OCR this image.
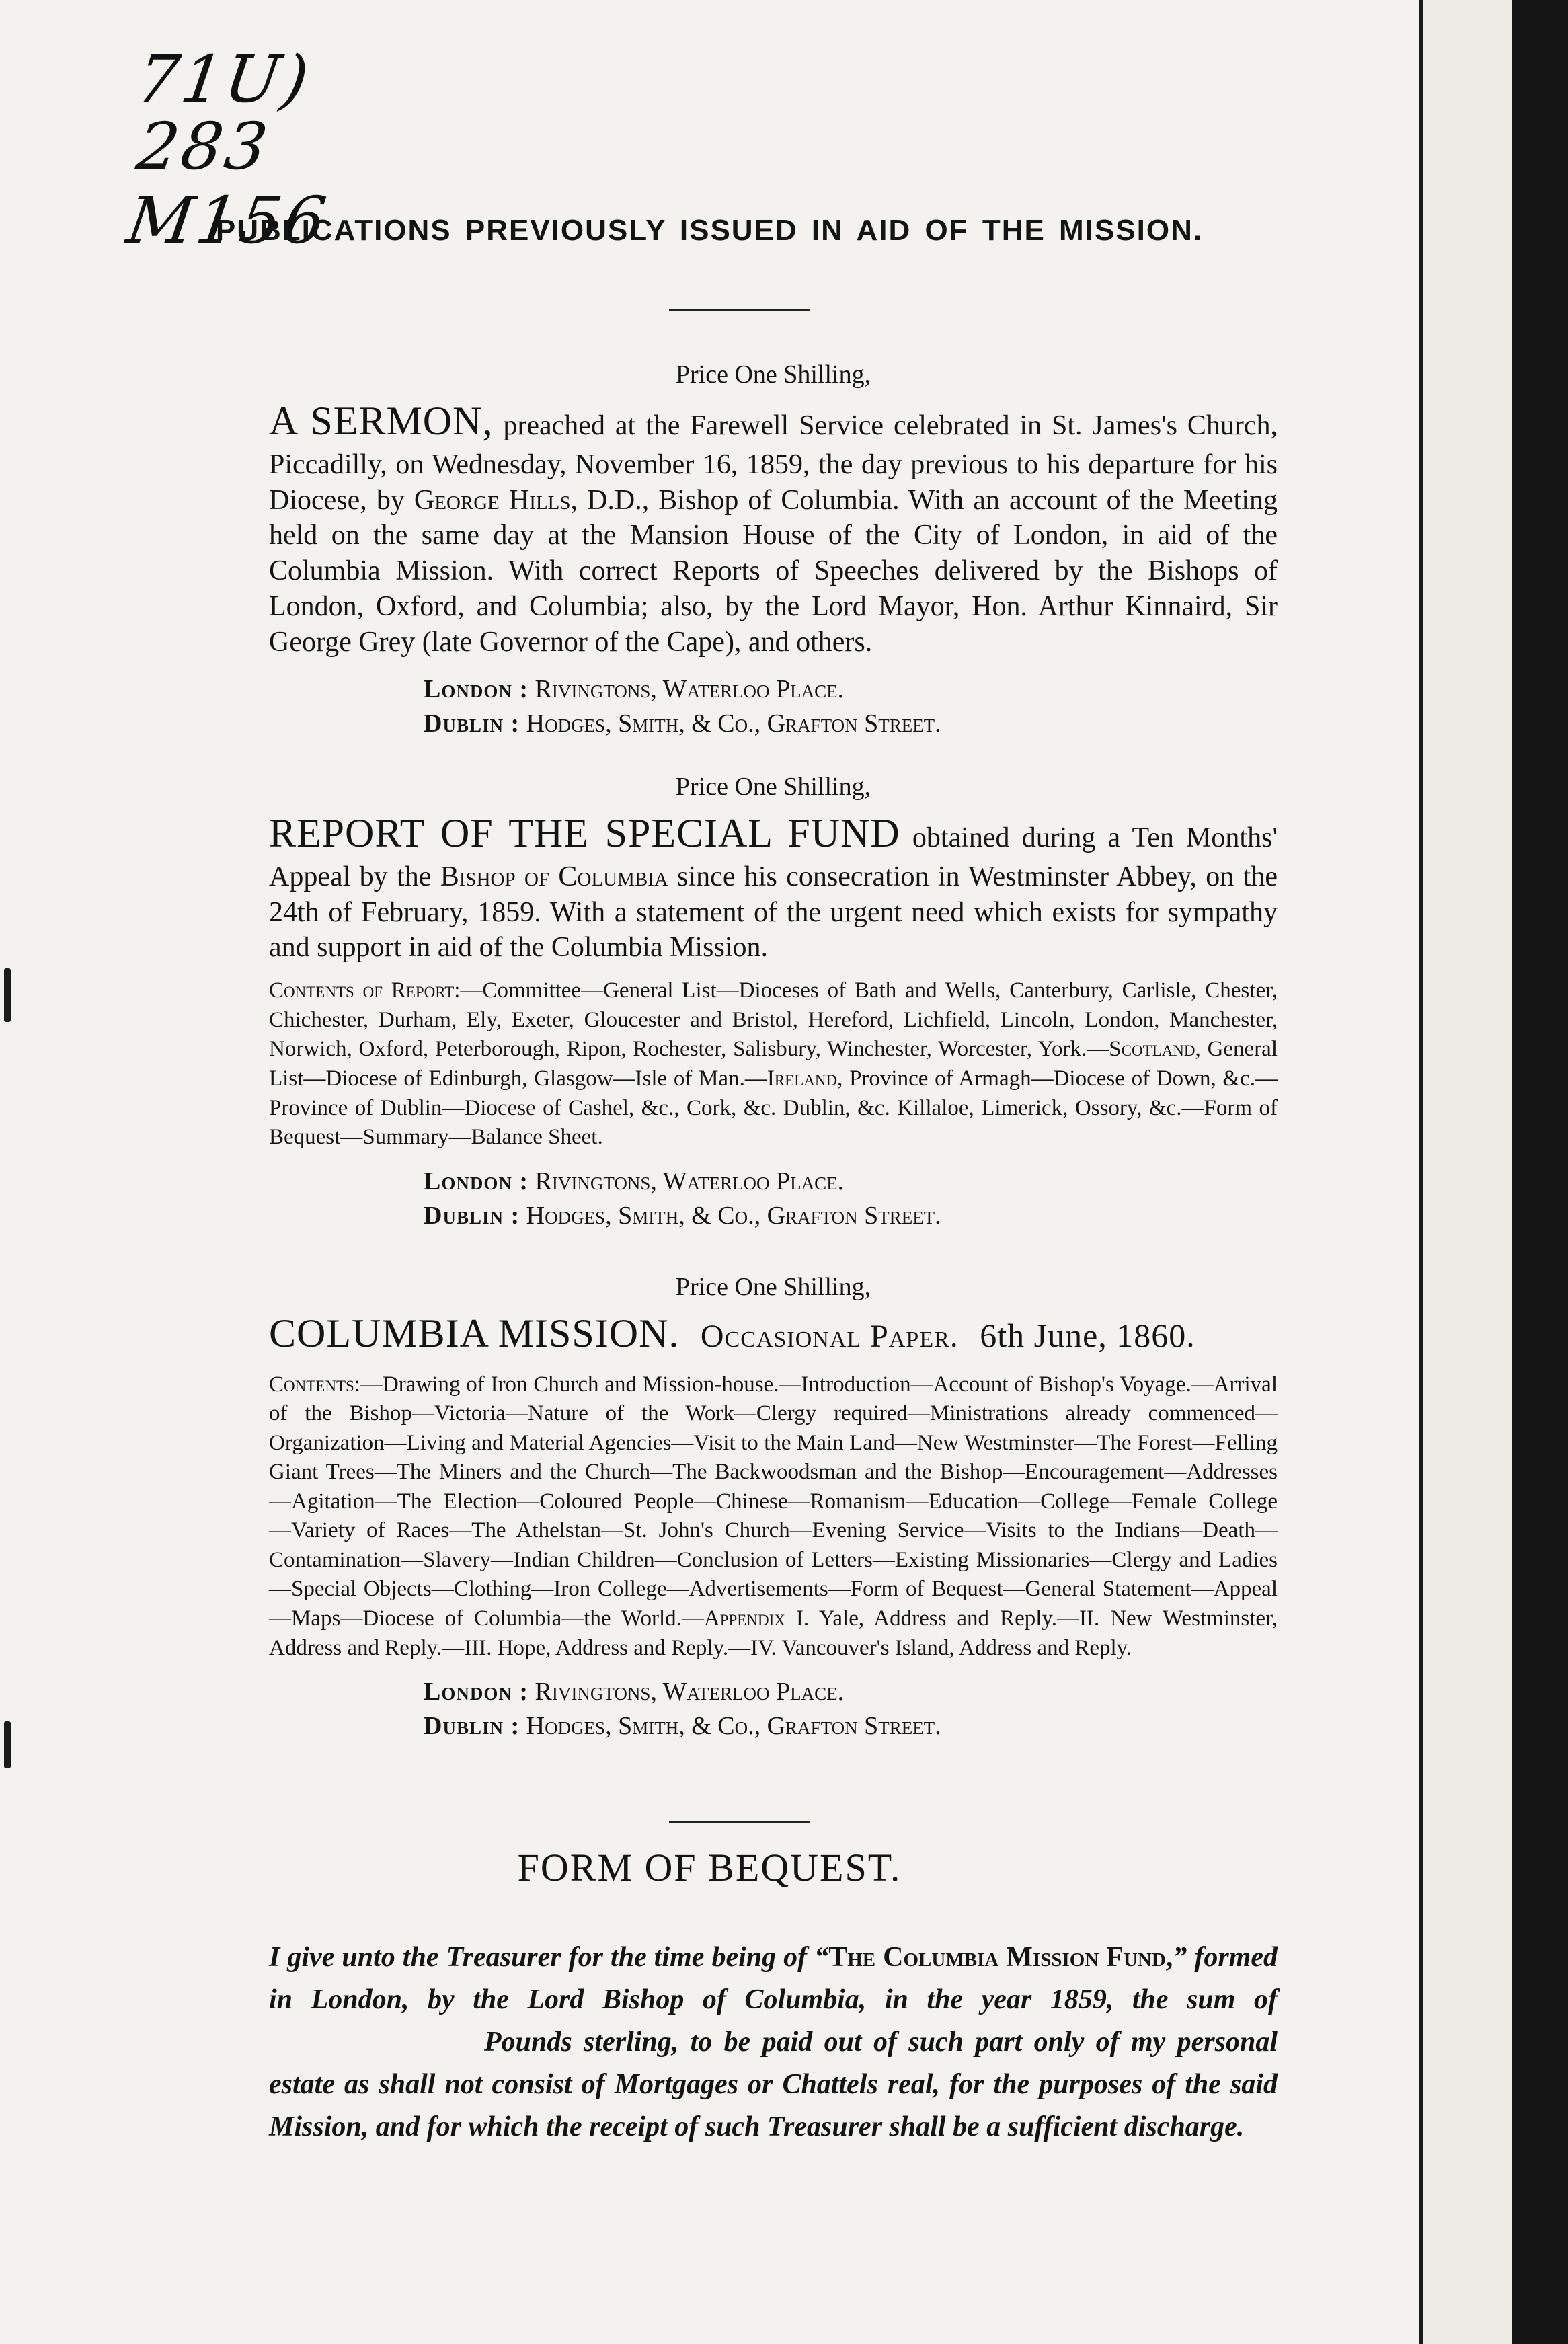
71U)
283
M156
PUBLICATIONS PREVIOUSLY ISSUED IN AID OF THE MISSION.

Price One Shilling,

A SERMON, preached at the Farewell Service celebrated in St. James's Church, Piccadilly, on Wednesday, November 16, 1859, the day previous to his departure for his Diocese, by George Hills, D.D., Bishop of Columbia. With an account of the Meeting held on the same day at the Mansion House of the City of London, in aid of the Columbia Mission. With correct Reports of Speeches delivered by the Bishops of London, Oxford, and Columbia; also, by the Lord Mayor, Hon. Arthur Kinnaird, Sir George Grey (late Governor of the Cape), and others.

London : Rivingtons, Waterloo Place.
Dublin : Hodges, Smith, & Co., Grafton Street.

Price One Shilling,

REPORT OF THE SPECIAL FUND obtained during a Ten Months' Appeal by the Bishop of Columbia since his consecration in Westminster Abbey, on the 24th of February, 1859. With a statement of the urgent need which exists for sympathy and support in aid of the Columbia Mission.

Contents of Report:—Committee—General List—Dioceses of Bath and Wells, Canterbury, Carlisle, Chester, Chichester, Durham, Ely, Exeter, Gloucester and Bristol, Hereford, Lichfield, Lincoln, London, Manchester, Norwich, Oxford, Peterborough, Ripon, Rochester, Salisbury, Winchester, Worcester, York.—Scotland, General List—Diocese of Edinburgh, Glasgow—Isle of Man.—Ireland, Province of Armagh—Diocese of Down, &c.—Province of Dublin—Diocese of Cashel, &c., Cork, &c. Dublin, &c. Killaloe, Limerick, Ossory, &c.—Form of Bequest—Summary—Balance Sheet.

London : Rivingtons, Waterloo Place.
Dublin : Hodges, Smith, & Co., Grafton Street.

Price One Shilling,

COLUMBIA MISSION. Occasional Paper. 6th June, 1860.

Contents:—Drawing of Iron Church and Mission-house.—Introduction—Account of Bishop's Voyage.—Arrival of the Bishop—Victoria—Nature of the Work—Clergy required—Ministrations already commenced—Organization—Living and Material Agencies—Visit to the Main Land—New Westminster—The Forest—Felling Giant Trees—The Miners and the Church—The Backwoodsman and the Bishop—Encouragement—Addresses—Agitation—The Election—Coloured People—Chinese—Romanism—Education—College—Female College—Variety of Races—The Athelstan—St. John's Church—Evening Service—Visits to the Indians—Death—Contamination—Slavery—Indian Children—Conclusion of Letters—Existing Missionaries—Clergy and Ladies—Special Objects—Clothing—Iron College—Advertisements—Form of Bequest—General Statement—Appeal—Maps—Diocese of Columbia—the World.—Appendix I. Yale, Address and Reply.—II. New Westminster, Address and Reply.—III. Hope, Address and Reply.—IV. Vancouver's Island, Address and Reply.

London : Rivingtons, Waterloo Place.
Dublin : Hodges, Smith, & Co., Grafton Street.
FORM OF BEQUEST.

I give unto the Treasurer for the time being of “The Columbia Mission Fund,” formed in London, by the Lord Bishop of Columbia, in the year 1859, the sum ofPounds sterling, to be paid out of such part only of my personal estate as shall not consist of Mortgages or Chattels real, for the purposes of the said Mission, and for which the receipt of such Treasurer shall be a sufficient discharge.
